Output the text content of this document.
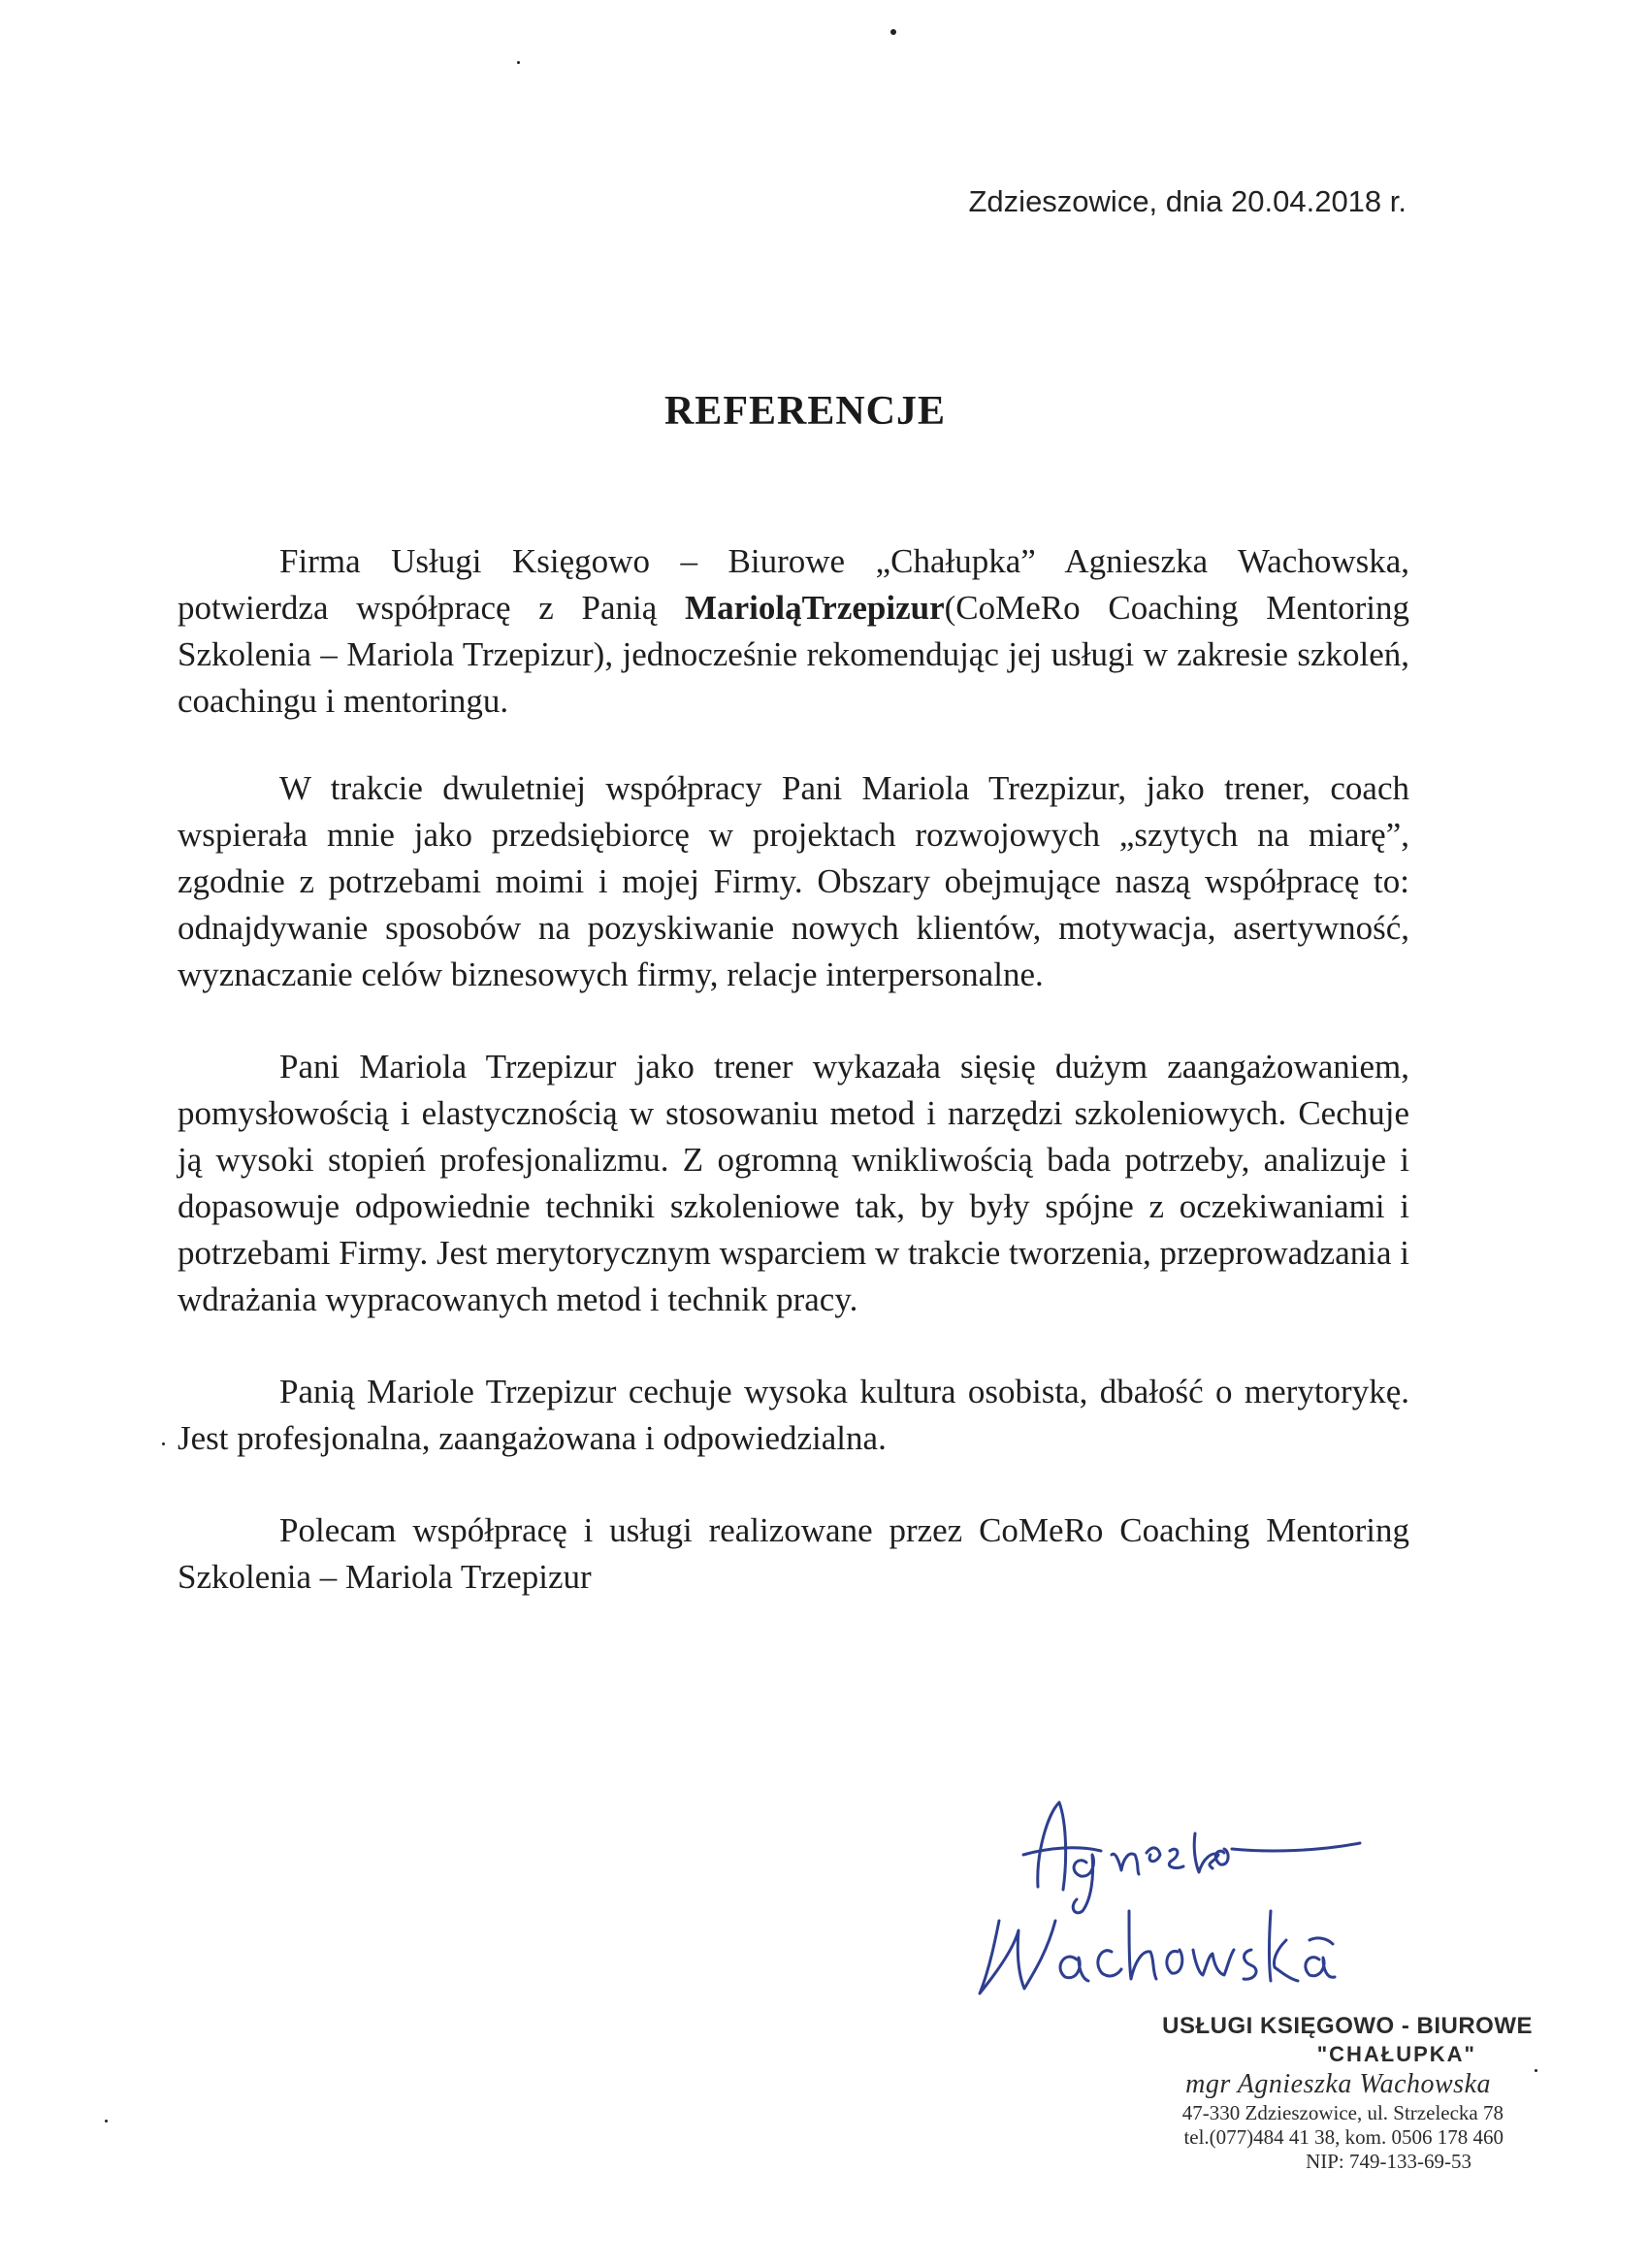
Zdzieszowice, dnia 20.04.2018 r.
REFERENCJE

Firma Usługi Księgowo – Biurowe „Chałupka” Agnieszka Wachowska, potwierdza współpracę z Panią MarioląTrzepizur(CoMeRo Coaching Mentoring Szkolenia – Mariola Trzepizur), jednocześnie rekomendując jej usługi w zakresie szkoleń, coachingu i mentoringu.

W trakcie dwuletniej współpracy Pani Mariola Trezpizur, jako trener, coach wspierała mnie jako przedsiębiorcę w projektach rozwojowych „szytych na miarę”, zgodnie z potrzebami moimi i mojej Firmy. Obszary obejmujące naszą współpracę to: odnajdywanie sposobów na pozyskiwanie nowych klientów, motywacja, asertywność, wyznaczanie celów biznesowych firmy, relacje interpersonalne.

Pani Mariola Trzepizur jako trener wykazała sięsię dużym zaangażowaniem, pomysłowością i elastycznością w stosowaniu metod i narzędzi szkoleniowych. Cechuje ją wysoki stopień profesjonalizmu. Z ogromną wnikliwością bada potrzeby, analizuje i dopasowuje odpowiednie techniki szkoleniowe tak, by były spójne z oczekiwaniami i potrzebami Firmy. Jest merytorycznym wsparciem w trakcie tworzenia, przeprowadzania i wdrażania wypracowanych metod i technik pracy.

Panią Mariole Trzepizur cechuje wysoka kultura osobista, dbałość o merytorykę. Jest profesjonalna, zaangażowana i odpowiedzialna.

Polecam współpracę i usługi realizowane przez CoMeRo Coaching Mentoring Szkolenia – Mariola Trzepizur

USŁUGI KSIĘGOWO - BIUROWE
"CHAŁUPKA"
mgr Agnieszka Wachowska
47-330 Zdzieszowice, ul. Strzelecka 78
tel.(077)484 41 38, kom. 0506 178 460
NIP: 749-133-69-53
